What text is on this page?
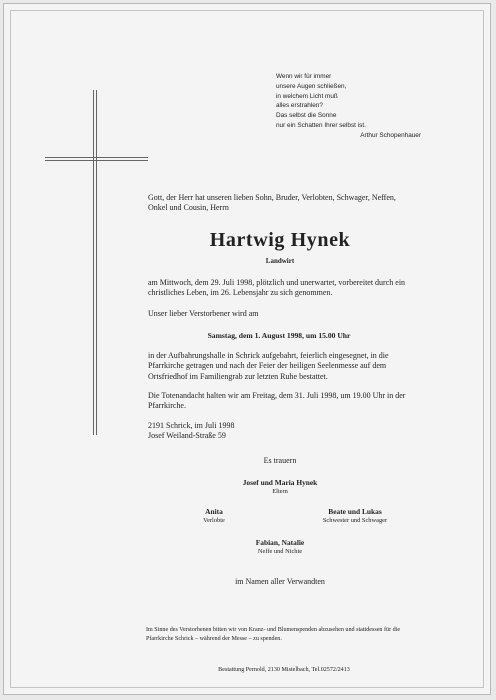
Wenn wir für immer
unsere Augen schließen,
in welchem Licht muß
alles erstrahlen?
Das selbst die Sonne
nur ein Schatten Ihrer selbst ist.
Arthur Schopenhauer
Gott, der Herr hat unseren lieben Sohn, Bruder, Verlobten, Schwager, Neffen, Onkel und Cousin, Herrn
Hartwig Hynek
Landwirt
am Mittwoch, dem 29. Juli 1998, plötzlich und unerwartet, vorbereitet durch ein christliches Leben, im 26. Lebensjahr zu sich genommen.
Unser lieber Verstorbener wird am
Samstag, dem 1. August 1998, um 15.00 Uhr
in der Aufbahrungshalle in Schrick aufgebahrt, feierlich eingesegnet, in die Pfarrkirche getragen und nach der Feier der heiligen Seelenmesse auf dem Ortsfriedhof im Familiengrab zur letzten Ruhe bestattet.
Die Totenandacht halten wir am Freitag, dem 31. Juli 1998, um 19.00 Uhr in der Pfarrkirche.
2191 Schrick, im Juli 1998
Josef Weiland-Straße 59
Es trauern
Josef und Maria Hynek
Eltern
Anita
Verlobte
Beate und Lukas
Schwester und Schwager
Fabian, Natalie
Neffe und Nichte
im Namen aller Verwandten
Im Sinne des Verstorbenen bitten wir von Kranz- und Blumenspenden abzusehen und stattdessen für die Pfarrkirche Schrick – während der Messe – zu spenden.
Bestattung Pernold, 2130 Mistelbach, Tel.02572/2413
